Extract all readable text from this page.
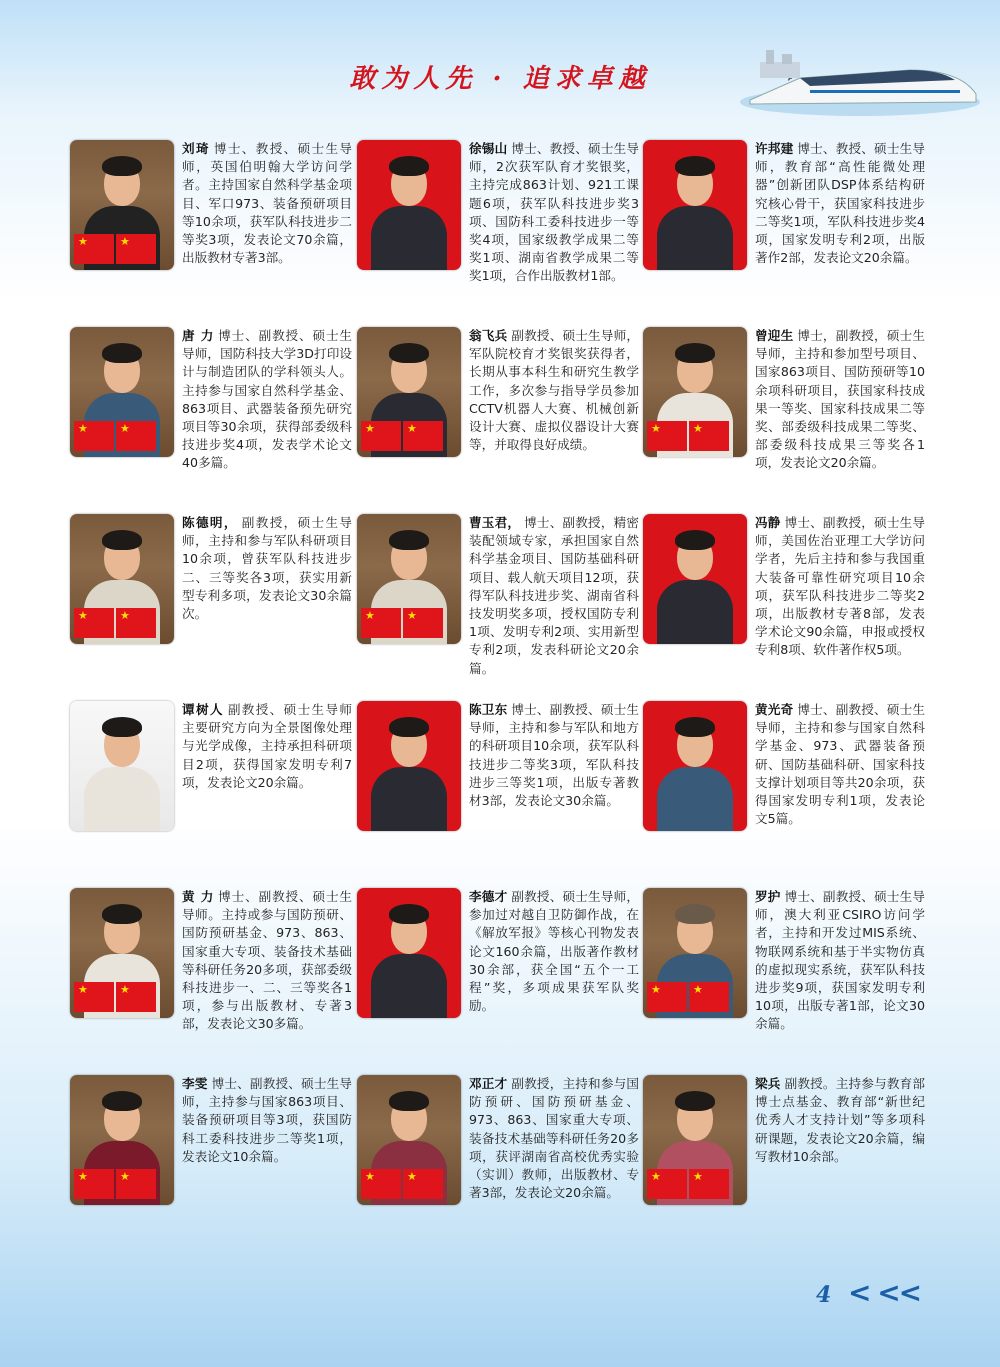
敢为人先 · 追求卓越
★	★
刘琦 博士、教授、硕士生导师，英国伯明翰大学访问学者。主持国家自然科学基金项目、军口973、装备预研项目等10余项，获军队科技进步二等奖3项，发表论文70余篇，出版教材专著3部。
徐锡山 博士、教授、硕士生导师，2次获军队育才奖银奖，主持完成863计划、921工课题6项，获军队科技进步奖3项、国防科工委科技进步一等奖4项，国家级教学成果二等奖1项、湖南省教学成果二等奖1项，合作出版教材1部。
许邦建 博士、教授、硕士生导师，教育部“高性能微处理器”创新团队DSP体系结构研究核心骨干，获国家科技进步二等奖1项，军队科技进步奖4项，国家发明专利2项，出版著作2部，发表论文20余篇。
★	★
唐 力 博士、副教授、硕士生导师，国防科技大学3D打印设计与制造团队的学科领头人。主持参与国家自然科学基金、863项目、武器装备预先研究项目等30余项，获得部委级科技进步奖4项，发表学术论文40多篇。
★	★
翁飞兵 副教授、硕士生导师，军队院校育才奖银奖获得者，长期从事本科生和研究生教学工作，多次参与指导学员参加CCTV机器人大赛、机械创新设计大赛、虚拟仪器设计大赛等，并取得良好成绩。
★	★
曾迎生 博士，副教授，硕士生导师，主持和参加型号项目、国家863项目、国防预研等10余项科研项目，获国家科技成果一等奖、国家科技成果二等奖、部委级科技成果二等奖、部委级科技成果三等奖各1项，发表论文20余篇。
★	★
陈德明， 副教授，硕士生导师，主持和参与军队科研项目10余项，曾获军队科技进步二、三等奖各3项，获实用新型专利多项，发表论文30余篇次。	★	★
曹玉君， 博士、副教授，精密装配领域专家，承担国家自然科学基金项目、国防基础科研项目、载人航天项目12项，获得军队科技进步奖、湖南省科技发明奖多项，授权国防专利1项、发明专利2项、实用新型专利2项，发表科研论文20余篇。
冯静 博士、副教授，硕士生导师，美国佐治亚理工大学访问学者，先后主持和参与我国重大装备可靠性研究项目10余项，获军队科技进步二等奖2项，出版教材专著8部，发表学术论文90余篇，申报或授权专利8项、软件著作权5项。
谭树人 副教授、硕士生导师 主要研究方向为全景图像处理与光学成像，主持承担科研项目2项，获得国家发明专利7项，发表论文20余篇。
陈卫东 博士、副教授、硕士生导师，主持和参与军队和地方的科研项目10余项，获军队科技进步二等奖3项，军队科技进步三等奖1项，出版专著教材3部，发表论文30余篇。
黄光奇 博士、副教授、硕士生导师，主持和参与国家自然科学基金、973、武器装备预研、国防基础科研、国家科技支撑计划项目等共20余项，获得国家发明专利1项，发表论文5篇。
★	★
黄 力 博士、副教授、硕士生导师。主持或参与国防预研、国防预研基金、973、863、国家重大专项、装备技术基础等科研任务20多项，获部委级科技进步一、二、三等奖各1项，参与出版教材、专著3部，发表论文30多篇。
李德才 副教授、硕士生导师，参加过对越自卫防御作战，在《解放军报》等核心刊物发表论文160余篇，出版著作教材30余部，获全国“五个一工程”奖，多项成果获军队奖励。
★	★
罗护 博士、副教授、硕士生导师，澳大利亚CSIRO访问学者，主持和开发过MIS系统、物联网系统和基于半实物仿真的虚拟现实系统，获军队科技进步奖9项，获国家发明专利10项，出版专著1部，论文30余篇。
★	★
李雯 博士、副教授、硕士生导师，主持参与国家863项目、装备预研项目等3项，获国防科工委科技进步二等奖1项，发表论文10余篇。
★	★
邓正才 副教授，主持和参与国防预研、国防预研基金、973、863、国家重大专项、装备技术基础等科研任务20多项，获评湖南省高校优秀实验（实训）教师，出版教材、专著3部，发表论文20余篇。
★	★
梁兵 副教授。主持参与教育部博士点基金、教育部“新世纪优秀人才支持计划”等多项科研课题，发表论文20余篇，编写教材10余部。
4 < <<
